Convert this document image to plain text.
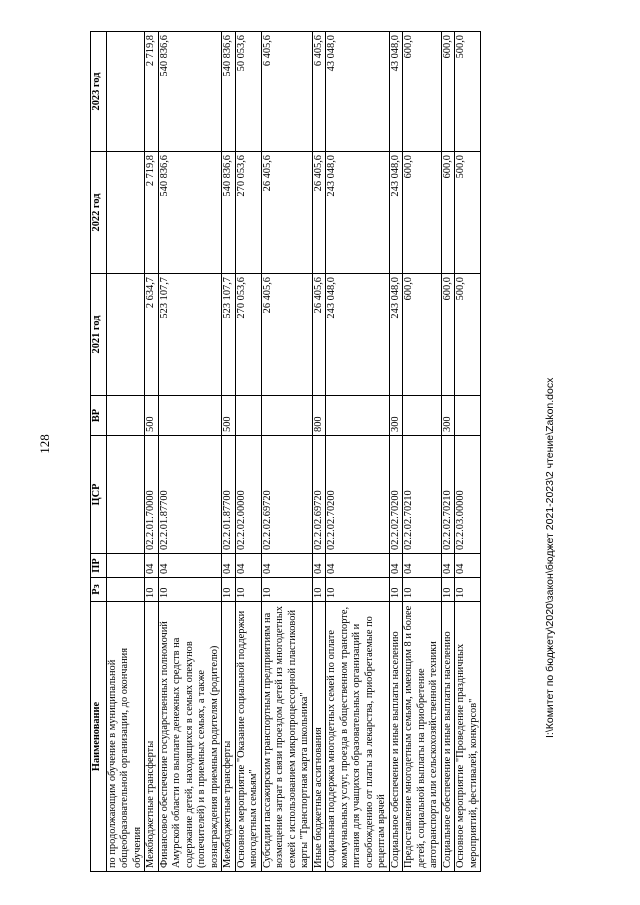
128
Наименование	Рз	ПР	ЦСР	ВР	2021 год	2022 год	2023 год
по продолжающим обучение в муниципальной общеобразовательной организации, до окончания обучения							
Межбюджетные трансферты	10	04	02.2.01.70000	500	2 634,7	2 719,8	2 719,8
Финансовое обеспечение государственных полномочий Амурской области по выплате денежных средств на содержание детей, находящихся в семьях опекунов (попечителей) и в приемных семьях, а также вознаграждения приемным родителям (родителю)	10	04	02.2.01.87700		523 107,7	540 836,6	540 836,6
Межбюджетные трансферты	10	04	02.2.01.87700	500	523 107,7	540 836,6	540 836,6
Основное мероприятие "Оказание социальной поддержки многодетным семьям"	10	04	02.2.02.00000		270 053,6	270 053,6	50 053,6
Субсидии пассажирским транспортным предприятиям на возмещение затрат в связи проездом детей из многодетных семей с использованием микропроцессорной пластиковой карты "Транспортная карта школьника"	10	04	02.2.02.69720		26 405,6	26 405,6	6 405,6
Иные бюджетные ассигнования	10	04	02.2.02.69720	800	26 405,6	26 405,6	6 405,6
Социальная поддержка многодетных семей по оплате коммунальных услуг, проезда в общественном транспорте, питания для учащихся образовательных организаций и освобождению от платы за лекарства, приобретаемые по рецептам врачей	10	04	02.2.02.70200		243 048,0	243 048,0	43 048,0
Социальное обеспечение и иные выплаты населению	10	04	02.2.02.70200	300	243 048,0	243 048,0	43 048,0
Предоставление многодетным семьям, имеющим 8 и более детей, социальной выплаты на приобретение автотранспорта или сельскохозяйственной техники	10	04	02.2.02.70210		600,0	600,0	600,0
Социальное обеспечение и иные выплаты населению	10	04	02.2.02.70210	300	600,0	600,0	600,0
Основное мероприятие "Проведение праздничных мероприятий, фестивалей, конкурсов"	10	04	02.2.03.00000		500,0	500,0	500,0
I:\Комитет по бюджету\2020\закон\бюджет 2021-2023\2 чтение\Zakon.docx
